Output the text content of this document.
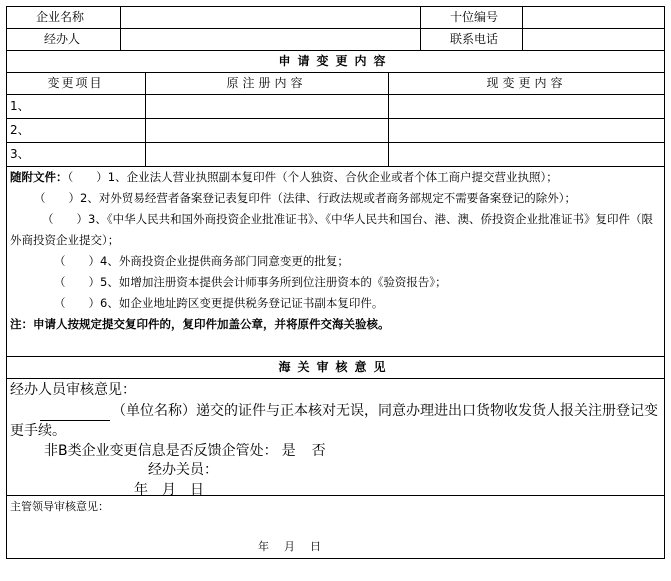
企业名称	十位编号
经办人	联系电话
申请变更内容
变更项目	原注册内容	现变更内容
1、
2、
3、
随附文件：（　　）1、企业法人营业执照副本复印件（个人独资、合伙企业或者个体工商户提交营业执照）；
（　　）2、对外贸易经营者备案登记表复印件（法律、行政法规或者商务部规定不需要备案登记的除外）；
（　　）3、《中华人民共和国外商投资企业批准证书》、《中华人民共和国台、港、澳、侨投资企业批准证书》复印件（限外商投资企业提交）；
（　　）4、外商投资企业提供商务部门同意变更的批复；
（　　）5、如增加注册资本提供会计师事务所到位注册资本的《验资报告》；
（　　）6、如企业地址跨区变更提供税务登记证书副本复印件。
注：申请人按规定提交复印件的，复印件加盖公章，并将原件交海关验核。
海关审核意见
经办人员审核意见：
（单位名称）递交的证件与正本核对无误，同意办理进出口货物收发货人报关注册登记变更手续。
非B类企业变更信息是否反馈企管处： 是 否
经办关员：
年　月　日
主管领导审核意见：
年　月　日
